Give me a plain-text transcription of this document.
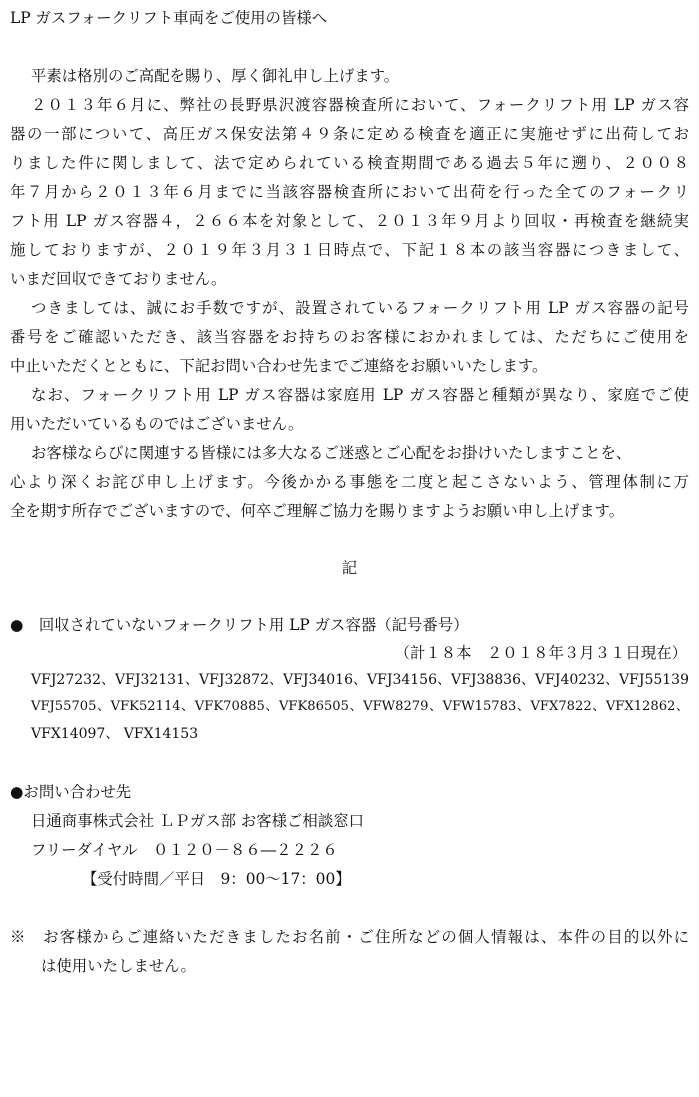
LP ガスフォークリフト車両をご使用の皆様へ
平素は格別のご高配を賜り、厚く御礼申し上げます。
２０１３年６月に、弊社の長野県沢渡容器検査所において、フォークリフト用 LP ガス容
器の一部について、高圧ガス保安法第４９条に定める検査を適正に実施せずに出荷してお
りました件に関しまして、法で定められている検査期間である過去５年に遡り、２００８
年７月から２０１３年６月までに当該容器検査所において出荷を行った全てのフォークリ
フト用 LP ガス容器４，２６６本を対象として、２０１３年９月より回収・再検査を継続実
施しておりますが、２０１９年３月３１日時点で、下記１８本の該当容器につきまして、
いまだ回収できておりません。
つきましては、誠にお手数ですが、設置されているフォークリフト用 LP ガス容器の記号
番号をご確認いただき、該当容器をお持ちのお客様におかれましては、ただちにご使用を
中止いただくとともに、下記お問い合わせ先までご連絡をお願いいたします。
なお、フォークリフト用 LP ガス容器は家庭用 LP ガス容器と種類が異なり、家庭でご使
用いただいているものではございません。
お客様ならびに関連する皆様には多大なるご迷惑とご心配をお掛けいたしますことを、
心より深くお詫び申し上げます。今後かかる事態を二度と起こさないよう、管理体制に万
全を期す所存でございますので、何卒ご理解ご協力を賜りますようお願い申し上げます。
記
●　回収されていないフォークリフト用 LP ガス容器（記号番号）
（計１８本　２０１８年３月３１日現在）
VFJ27232、VFJ32131、VFJ32872、VFJ34016、VFJ34156、VFJ38836、VFJ40232、VFJ55139
VFJ55705、VFK52114、VFK70885、VFK86505、VFW8279、VFW15783、VFX7822、VFX12862、
VFX14097、 VFX14153
●お問い合わせ先
日通商事株式会社 ＬＰガス部 お客様ご相談窓口
フリーダイヤル　０１２０－８６―２２２６
【受付時間／平日　9：00～17：00】
※　お客様からご連絡いただきましたお名前・ご住所などの個人情報は、本件の目的以外に
は使用いたしません。
